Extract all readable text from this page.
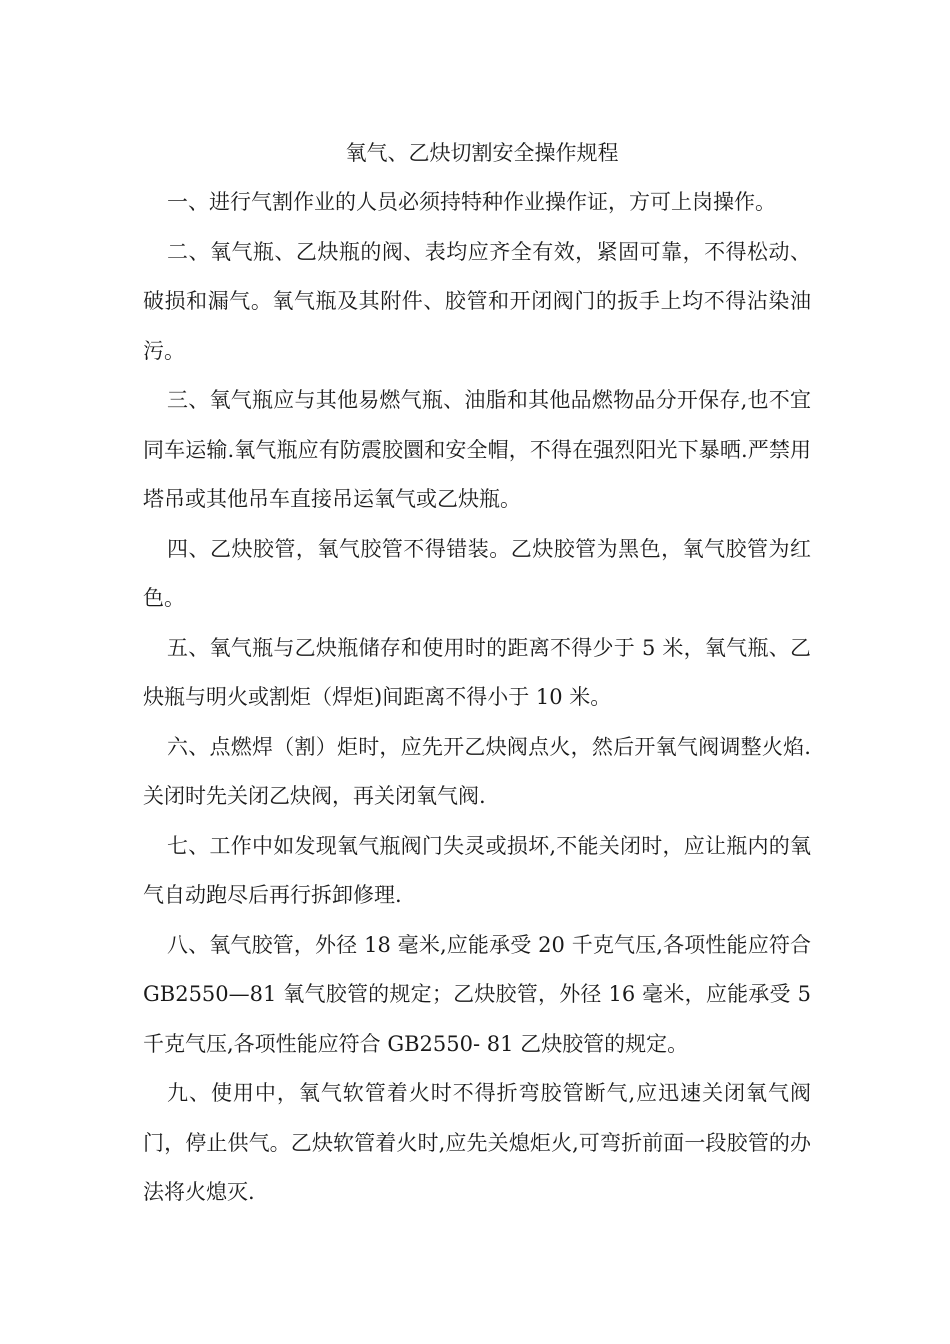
氧气、乙炔切割安全操作规程

一、进行气割作业的人员必须持特种作业操作证，方可上岗操作。

二、氧气瓶、乙炔瓶的阀、表均应齐全有效，紧固可靠，不得松动、破损和漏气。氧气瓶及其附件、胶管和开闭阀门的扳手上均不得沾染油污。

三、氧气瓶应与其他易燃气瓶、油脂和其他品燃物品分开保存,也不宜同车运输.氧气瓶应有防震胶圜和安全帽，不得在强烈阳光下暴晒.严禁用塔吊或其他吊车直接吊运氧气或乙炔瓶。

四、乙炔胶管，氧气胶管不得错装。乙炔胶管为黑色，氧气胶管为红色。

五、氧气瓶与乙炔瓶储存和使用时的距离不得少于 5 米，氧气瓶、乙炔瓶与明火或割炬（焊炬)间距离不得小于 10 米。

六、点燃焊（割）炬时，应先开乙炔阀点火，然后开氧气阀调整火焰.关闭时先关闭乙炔阀，再关闭氧气阀.

七、工作中如发现氧气瓶阀门失灵或损坏,不能关闭时，应让瓶内的氧气自动跑尽后再行拆卸修理.

八、氧气胶管，外径 18 毫米,应能承受 20 千克气压,各项性能应符合 GB2550—81 氧气胶管的规定；乙炔胶管，外径 16 毫米，应能承受 5 千克气压,各项性能应符合 GB2550- 81 乙炔胶管的规定。

九、使用中，氧气软管着火时不得折弯胶管断气,应迅速关闭氧气阀门，停止供气。乙炔软管着火时,应先关熄炬火,可弯折前面一段胶管的办法将火熄灭.
